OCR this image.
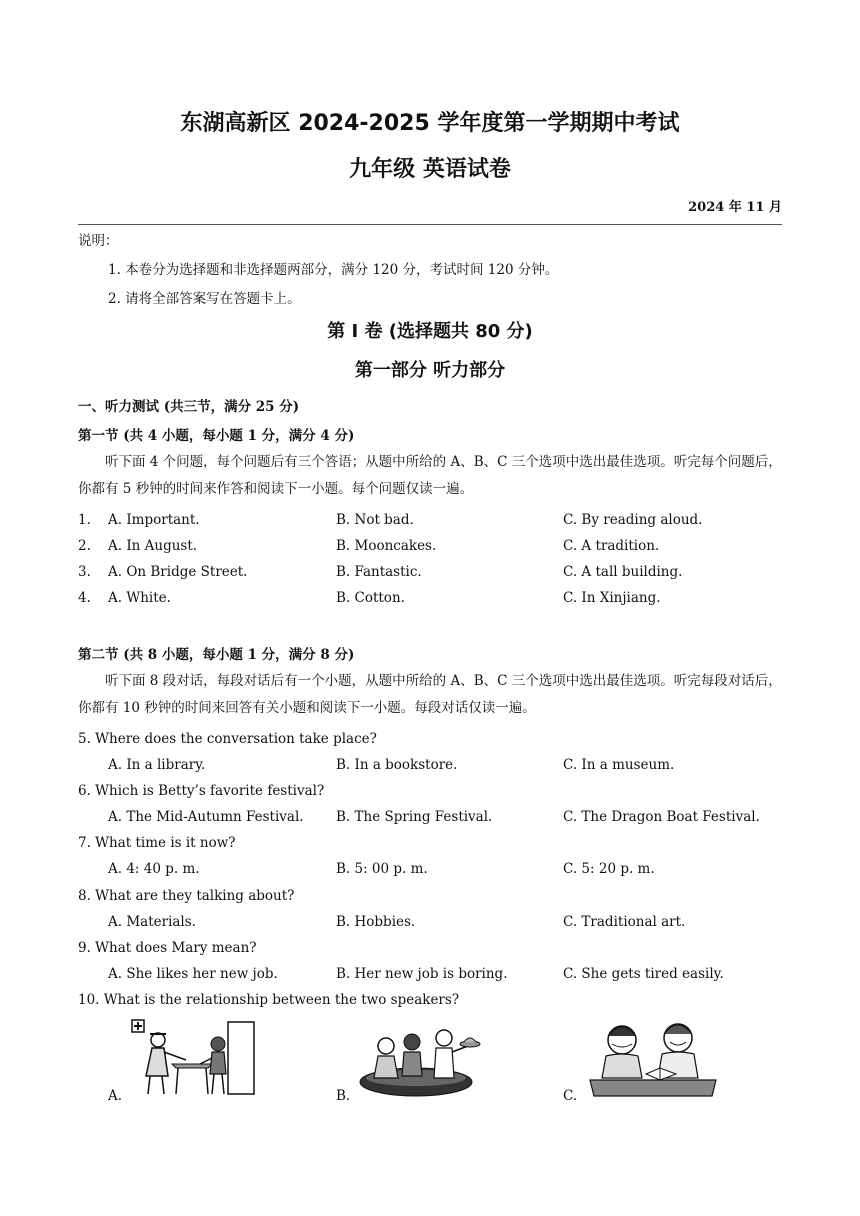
东湖高新区 2024-2025 学年度第一学期期中考试
九年级 英语试卷
2024 年 11 月
说明：
1. 本卷分为选择题和非选择题两部分，满分 120 分，考试时间 120 分钟。
2. 请将全部答案写在答题卡上。
第 Ⅰ 卷 (选择题共 80 分)
第一部分 听力部分
一、听力测试 (共三节，满分 25 分)
第一节 (共 4 小题，每小题 1 分，满分 4 分)
听下面 4 个问题，每个问题后有三个答语；从题中所给的 A、B、C 三个选项中选出最佳选项。听完每个问题后，你都有 5 秒钟的时间来作答和阅读下一小题。每个问题仅读一遍。
1. A. Important.	B. Not bad.	C. By reading aloud.
2. A. In August.	B. Mooncakes.	C. A tradition.
3. A. On Bridge Street.	B. Fantastic.	C. A tall building.
4. A. White.	B. Cotton.	C. In Xinjiang.
第二节 (共 8 小题，每小题 1 分，满分 8 分)
听下面 8 段对话，每段对话后有一个小题，从题中所给的 A、B、C 三个选项中选出最佳选项。听完每段对话后，你都有 10 秒钟的时间来回答有关小题和阅读下一小题。每段对话仅读一遍。
5. Where does the conversation take place?
A. In a library.	B. In a bookstore.	C. In a museum.
6. Which is Betty’s favorite festival?
A. The Mid-Autumn Festival. B. The Spring Festival.	C. The Dragon Boat Festival.
7. What time is it now?
A. 4: 40 p. m.	B. 5: 00 p. m.	C. 5: 20 p. m.
8. What are they talking about?
A. Materials.	B. Hobbies.	C. Traditional art.
9. What does Mary mean?
A. She likes her new job.	B. Her new job is boring.	C. She gets tired easily.
10. What is the relationship between the two speakers?
A.	B.	C.
